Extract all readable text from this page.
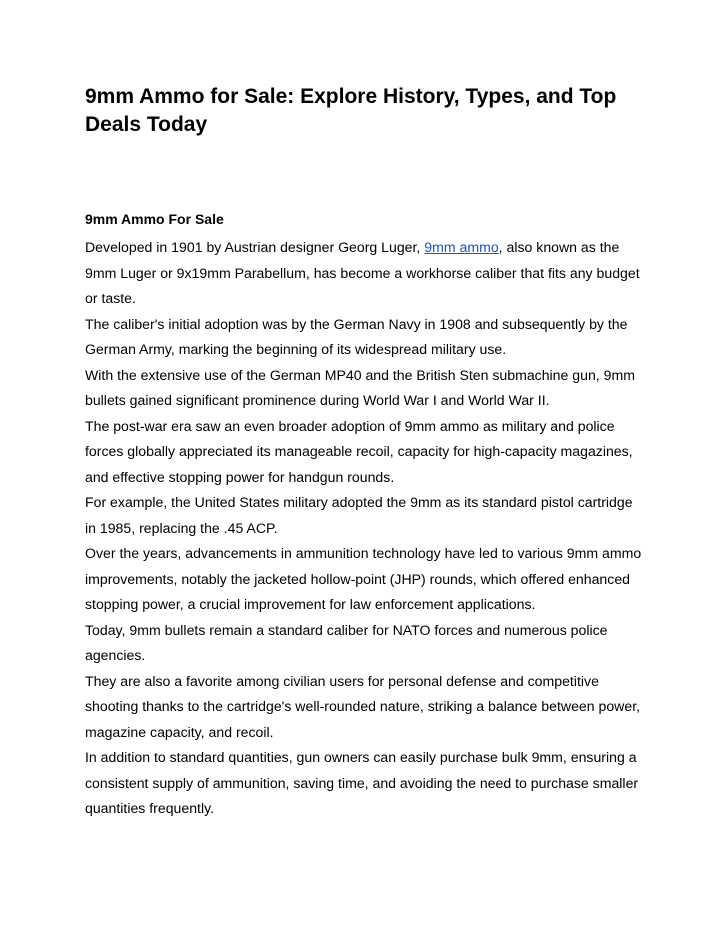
9mm Ammo for Sale: Explore History, Types, and Top Deals Today
9mm Ammo For Sale

Developed in 1901 by Austrian designer Georg Luger, 9mm ammo, also known as the 9mm Luger or 9x19mm Parabellum, has become a workhorse caliber that fits any budget or taste.

The caliber's initial adoption was by the German Navy in 1908 and subsequently by the German Army, marking the beginning of its widespread military use.

With the extensive use of the German MP40 and the British Sten submachine gun, 9mm bullets gained significant prominence during World War I and World War II.

The post-war era saw an even broader adoption of 9mm ammo as military and police forces globally appreciated its manageable recoil, capacity for high-capacity magazines, and effective stopping power for handgun rounds.

For example, the United States military adopted the 9mm as its standard pistol cartridge in 1985, replacing the .45 ACP.

Over the years, advancements in ammunition technology have led to various 9mm ammo improvements, notably the jacketed hollow-point (JHP) rounds, which offered enhanced stopping power, a crucial improvement for law enforcement applications.

Today, 9mm bullets remain a standard caliber for NATO forces and numerous police agencies.

They are also a favorite among civilian users for personal defense and competitive shooting thanks to the cartridge's well-rounded nature, striking a balance between power, magazine capacity, and recoil.

In addition to standard quantities, gun owners can easily purchase bulk 9mm, ensuring a consistent supply of ammunition, saving time, and avoiding the need to purchase smaller quantities frequently.
